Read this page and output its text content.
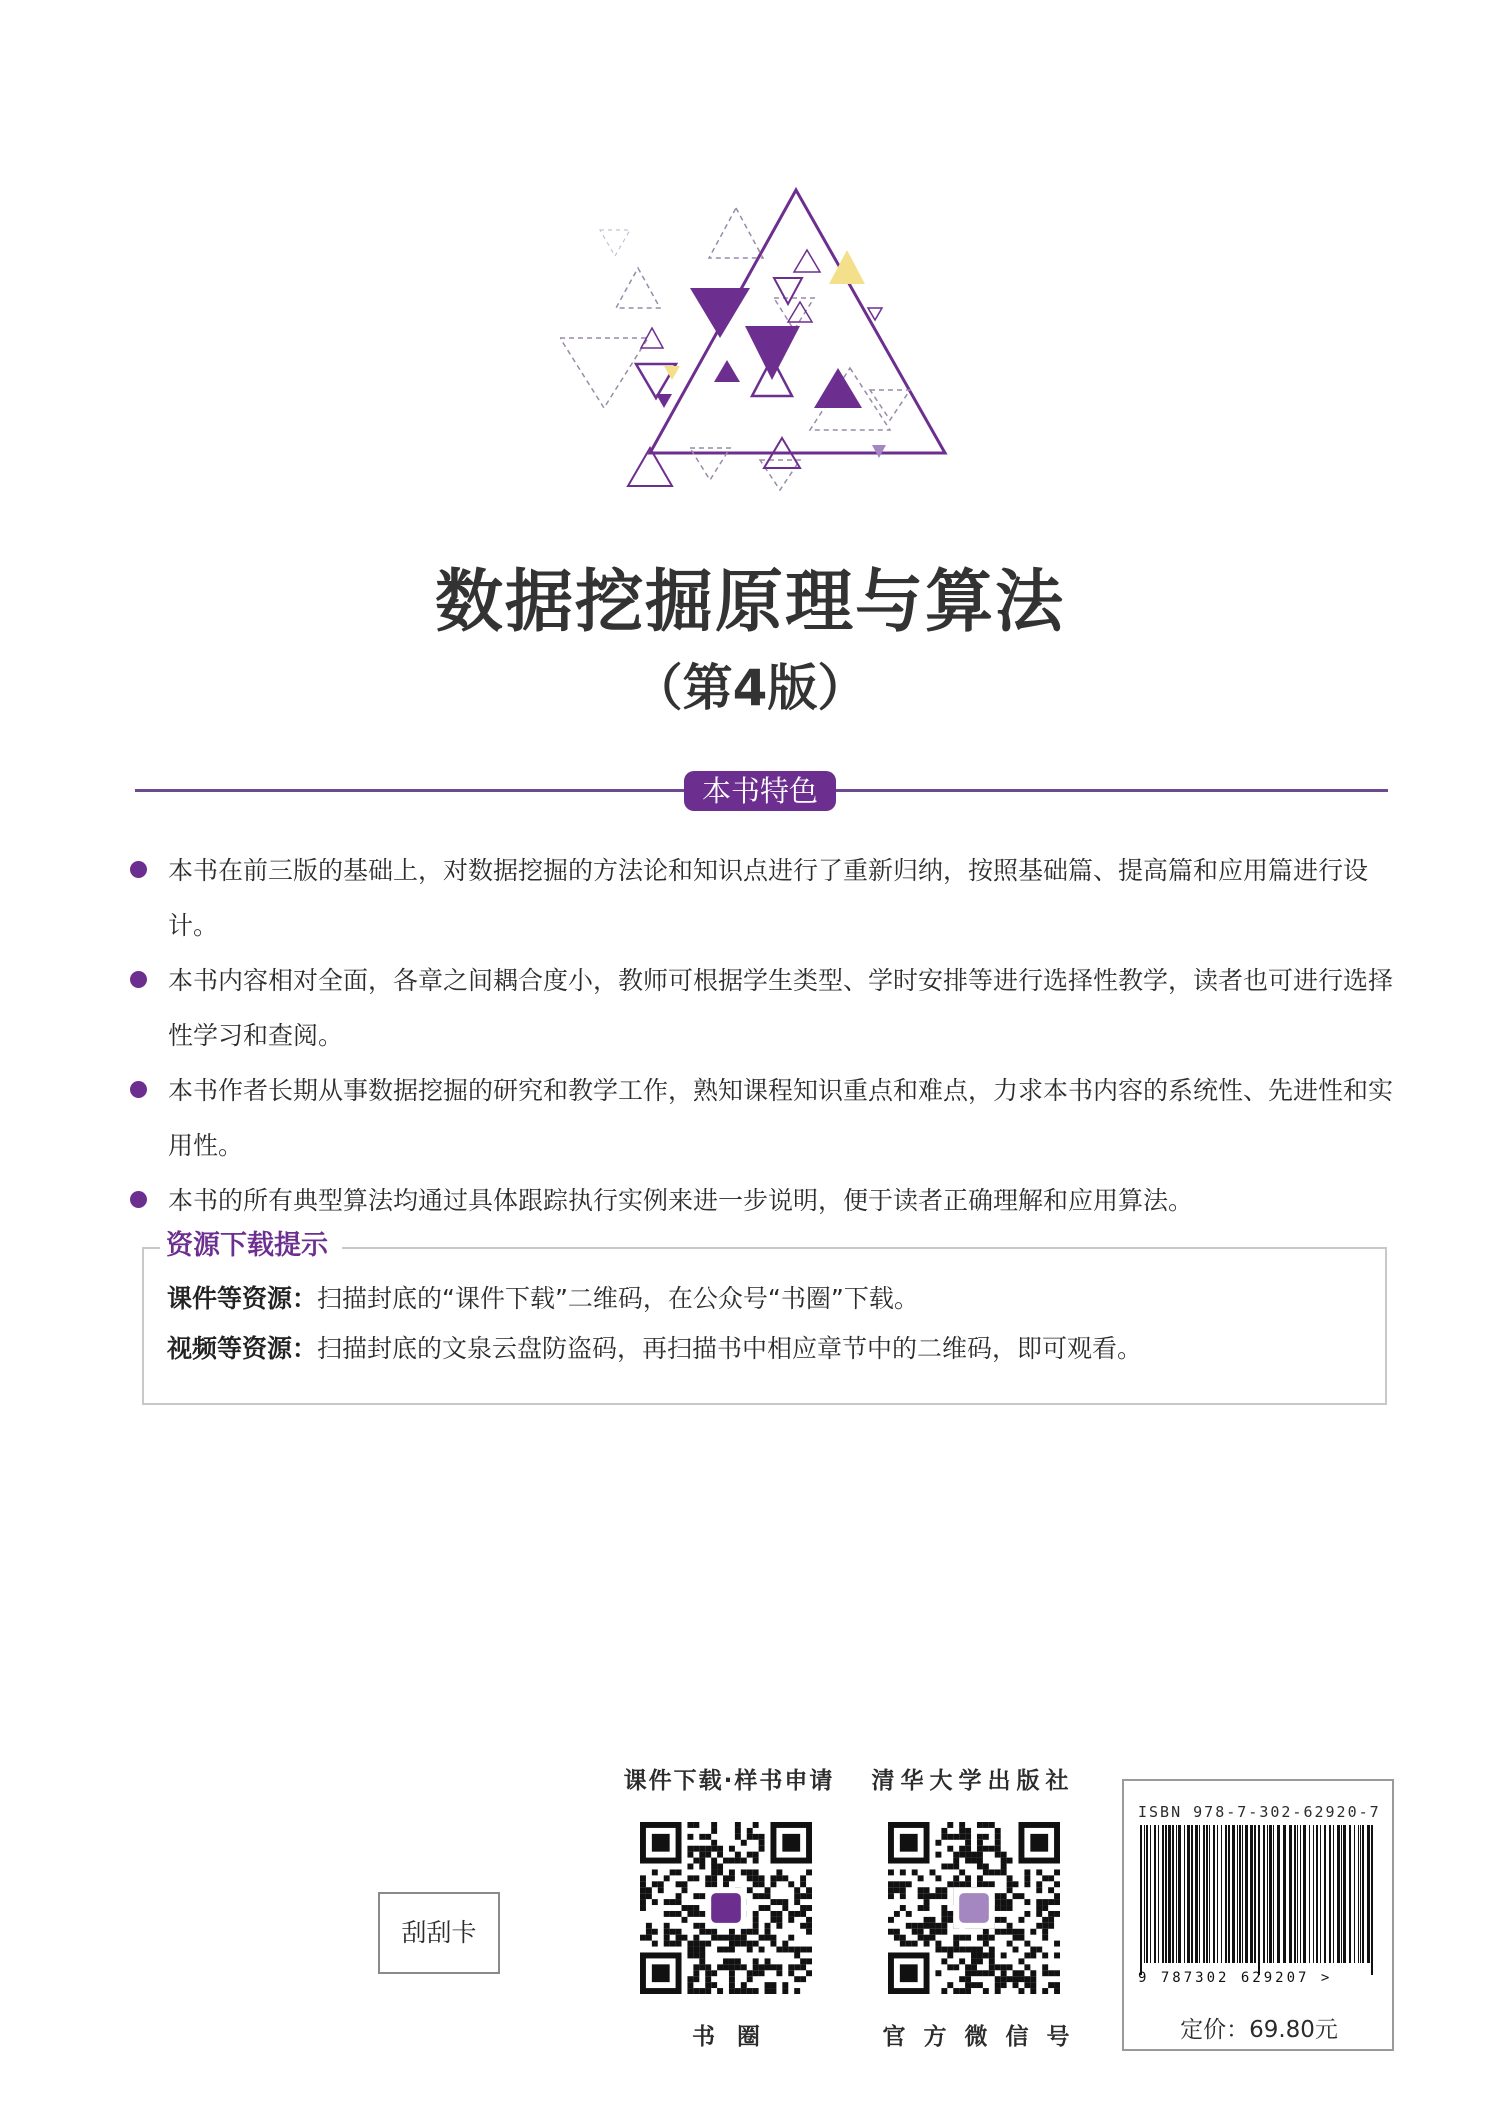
数据挖掘原理与算法
（第4版）
本书特色
本书在前三版的基础上，对数据挖掘的方法论和知识点进行了重新归纳，按照基础篇、提高篇和应用篇进行设计。
本书内容相对全面，各章之间耦合度小，教师可根据学生类型、学时安排等进行选择性教学，读者也可进行选择性学习和查阅。
本书作者长期从事数据挖掘的研究和教学工作，熟知课程知识重点和难点，力求本书内容的系统性、先进性和实用性。
本书的所有典型算法均通过具体跟踪执行实例来进一步说明，便于读者正确理解和应用算法。
资源下载提示
课件等资源：扫描封底的“课件下载”二维码，在公众号“书圈”下载。
视频等资源：扫描封底的文泉云盘防盗码，再扫描书中相应章节中的二维码，即可观看。
刮刮卡
课件下载·样书申请
书圈
清华大学出版社
官方微信号
ISBN 978-7-302-62920-7
9 787302 629207 >
定价：69.80元
